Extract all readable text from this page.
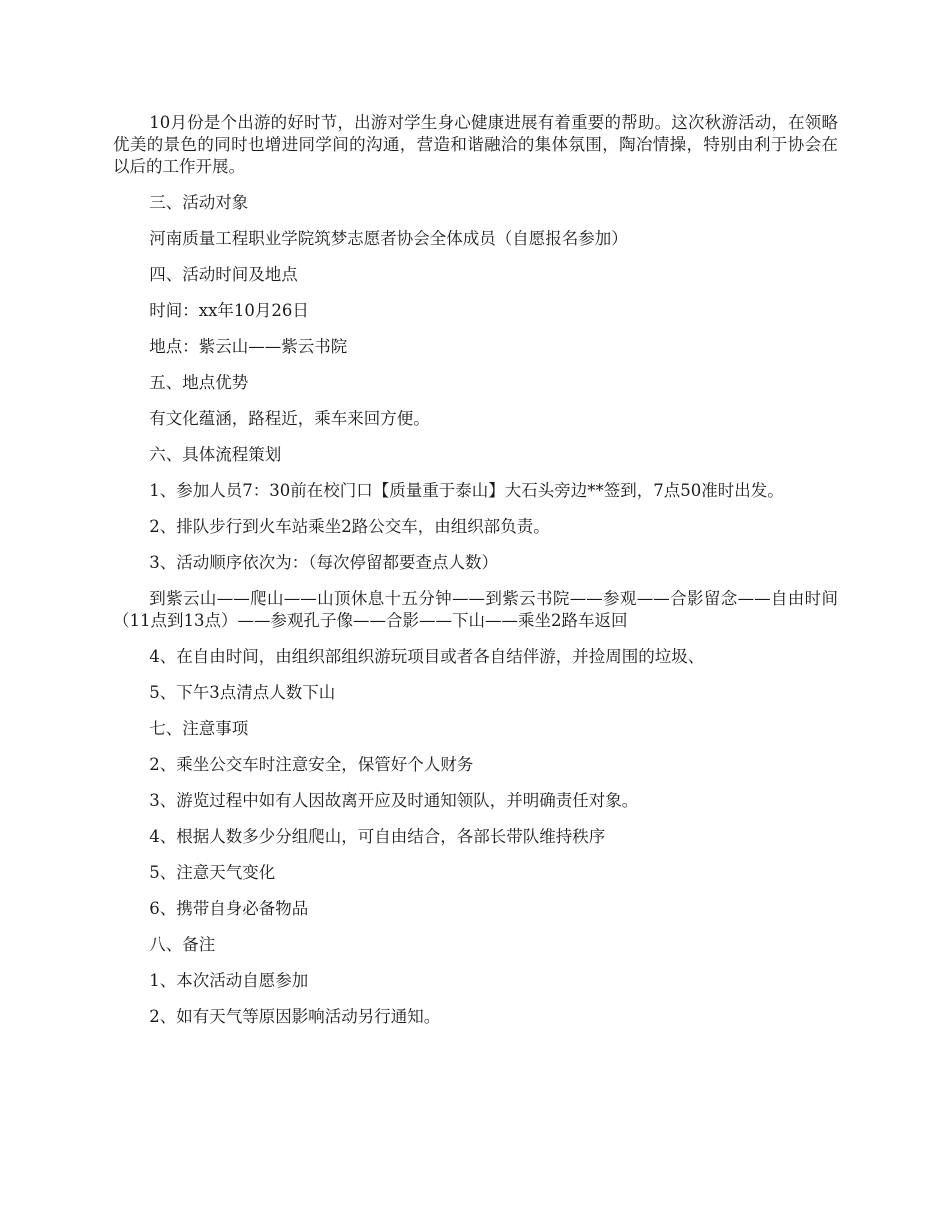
10月份是个出游的好时节，出游对学生身心健康进展有着重要的帮助。这次秋游活动，在领略优美的景色的同时也增进同学间的沟通，营造和谐融洽的集体氛围，陶冶情操，特别由利于协会在以后的工作开展。

三、活动对象

河南质量工程职业学院筑梦志愿者协会全体成员（自愿报名参加）

四、活动时间及地点

时间：xx年10月26日

地点：紫云山——紫云书院

五、地点优势

有文化蕴涵，路程近，乘车来回方便。

六、具体流程策划

1、参加人员7：30前在校门口【质量重于泰山】大石头旁边**签到，7点50准时出发。

2、排队步行到火车站乘坐2路公交车，由组织部负责。

3、活动顺序依次为：（每次停留都要查点人数）

到紫云山——爬山——山顶休息十五分钟——到紫云书院——参观——合影留念——自由时间（11点到13点）——参观孔子像——合影——下山——乘坐2路车返回

4、在自由时间，由组织部组织游玩项目或者各自结伴游，并捡周围的垃圾、

5、下午3点清点人数下山

七、注意事项

2、乘坐公交车时注意安全，保管好个人财务

3、游览过程中如有人因故离开应及时通知领队，并明确责任对象。

4、根据人数多少分组爬山，可自由结合，各部长带队维持秩序

5、注意天气变化

6、携带自身必备物品

八、备注

1、本次活动自愿参加

2、如有天气等原因影响活动另行通知。
